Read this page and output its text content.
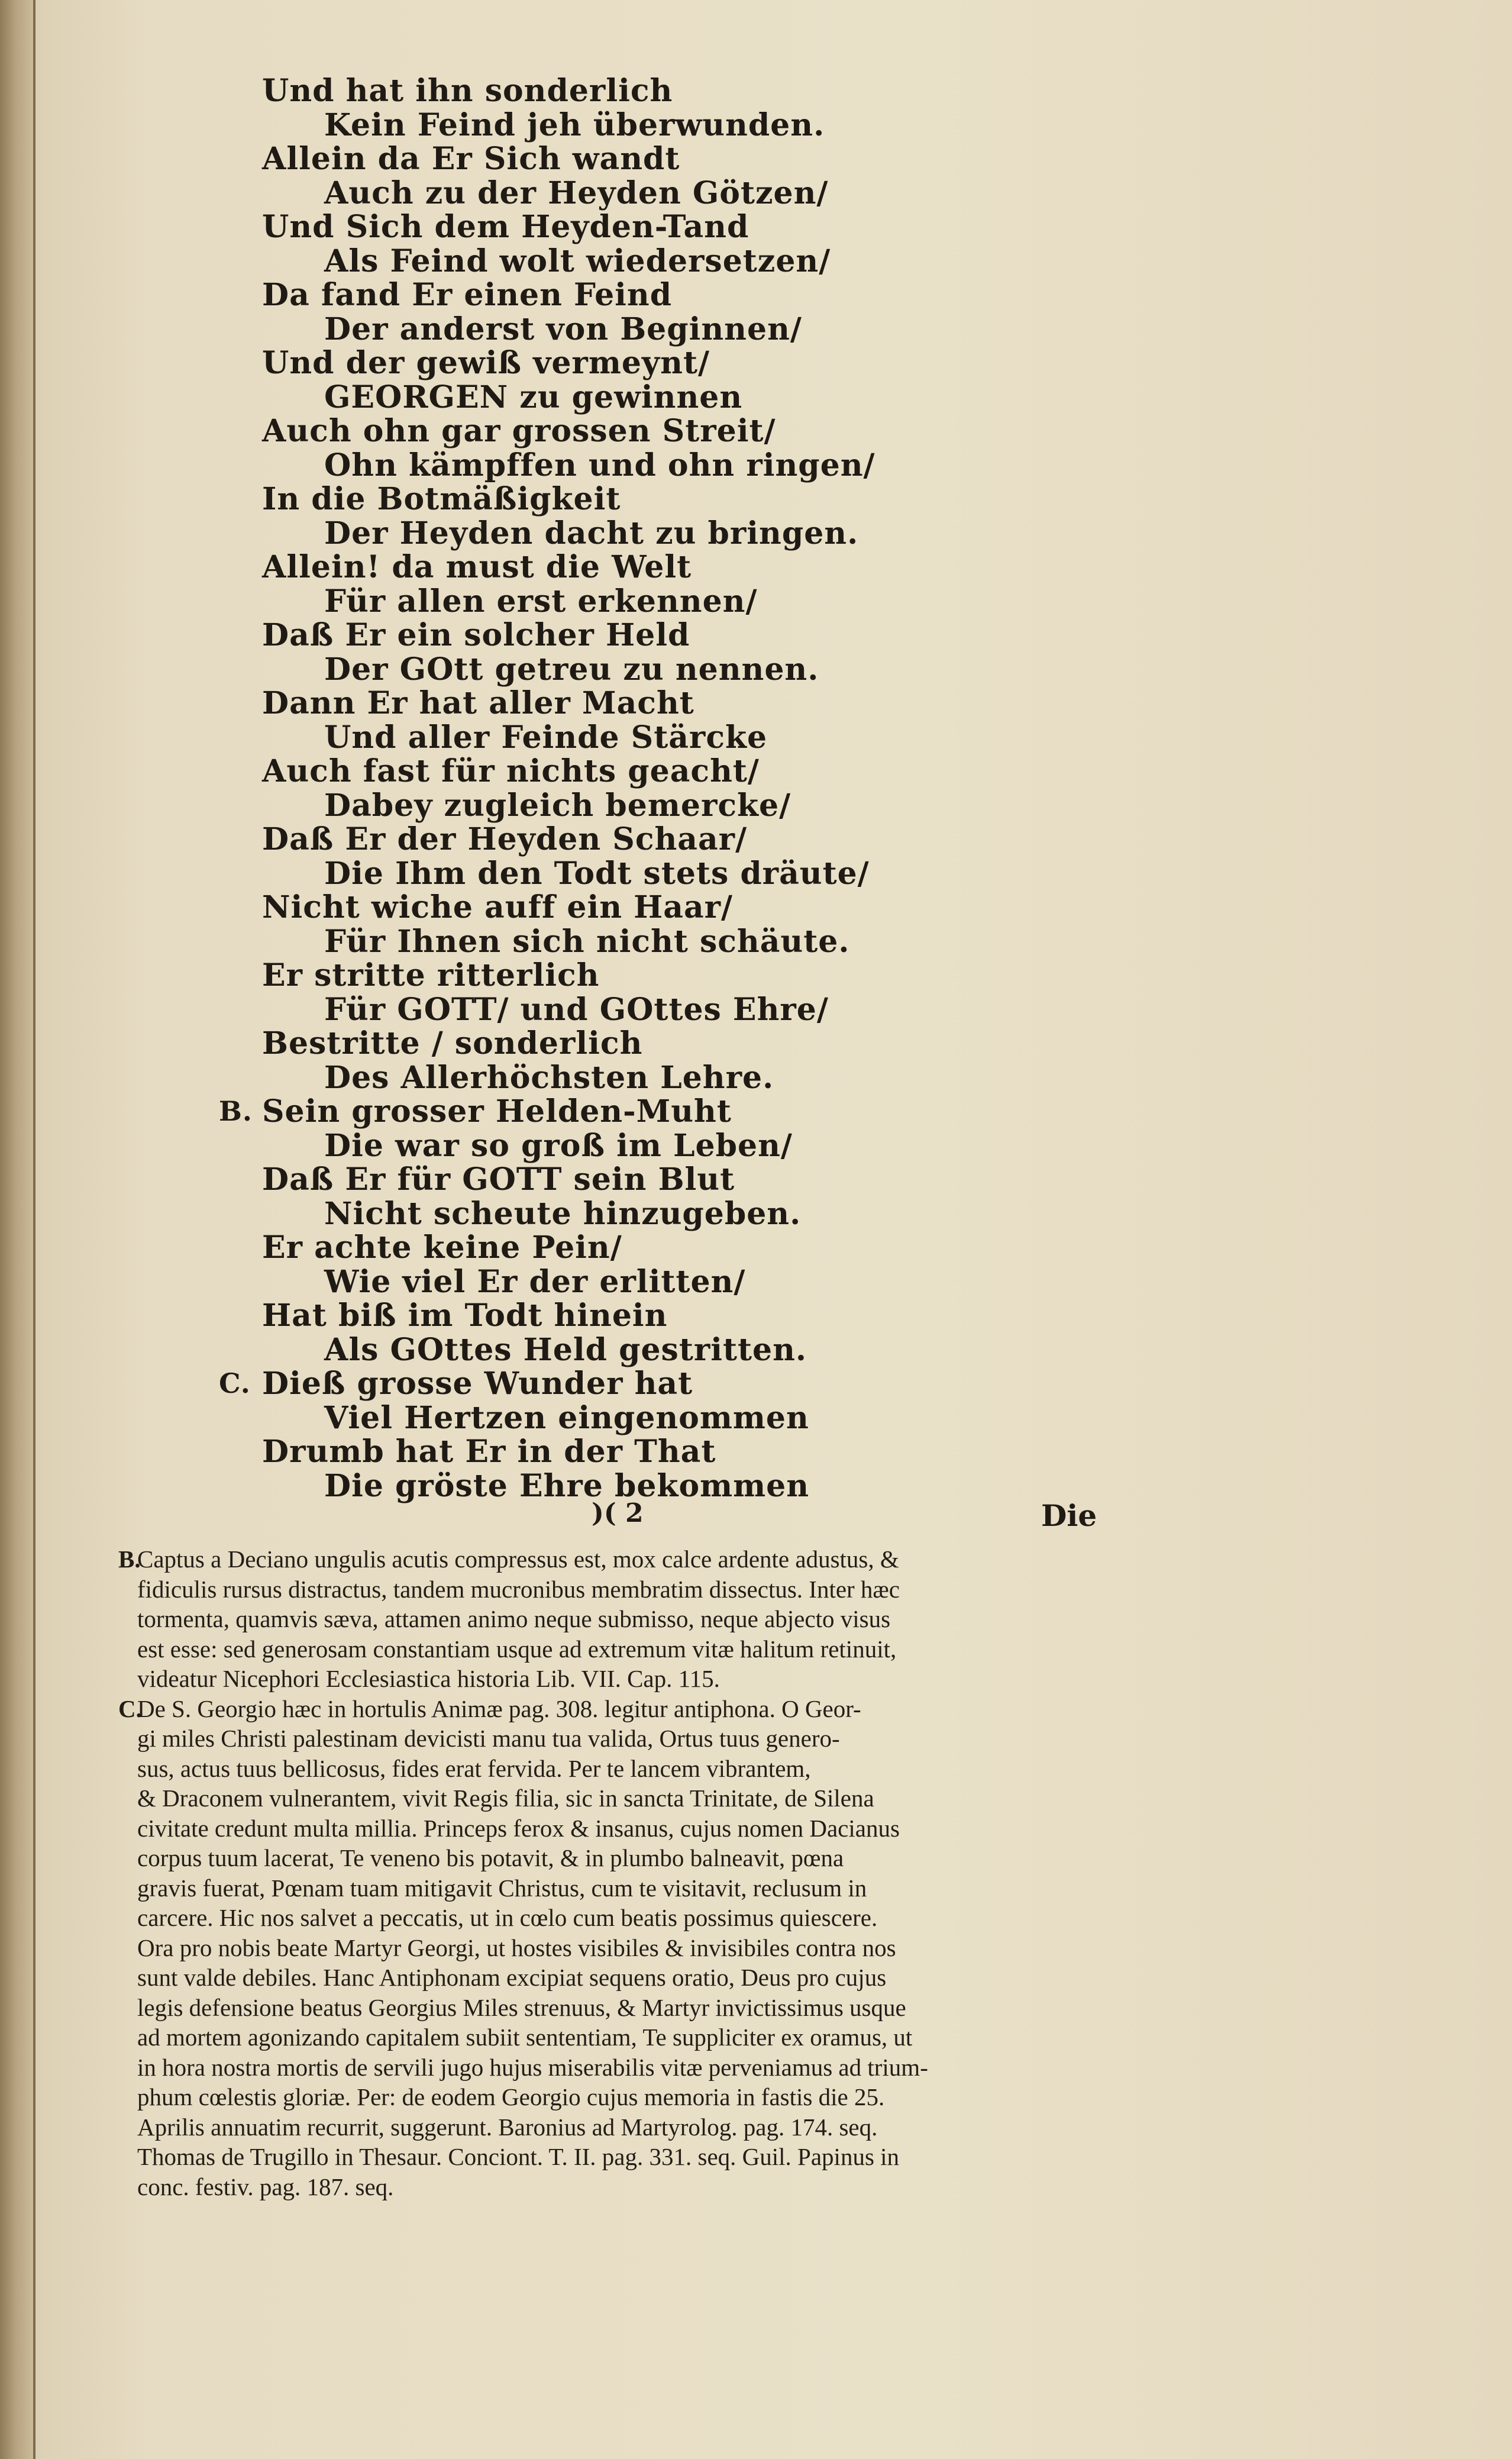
Und hat ihn sonderlich
Kein Feind jeh überwunden.
Allein da Er Sich wandt
Auch zu der Heyden Götzen/
Und Sich dem Heyden-Tand
Als Feind wolt wiedersetzen/
Da fand Er einen Feind
Der anderst von Beginnen/
Und der gewiß vermeynt/
GEORGEN zu gewinnen
Auch ohn gar grossen Streit/
Ohn kämpffen und ohn ringen/
In die Botmäßigkeit
Der Heyden dacht zu bringen.
Allein! da must die Welt
Für allen erst erkennen/
Daß Er ein solcher Held
Der GOtt getreu zu nennen.
Dann Er hat aller Macht
Und aller Feinde Stärcke
Auch fast für nichts geacht/
Dabey zugleich bemercke/
Daß Er der Heyden Schaar/
Die Ihm den Todt stets dräute/
Nicht wiche auff ein Haar/
Für Ihnen sich nicht schäute.
Er stritte ritterlich
Für GOTT/ und GOttes Ehre/
Bestritte / sonderlich
Des Allerhöchsten Lehre.
B. Sein grosser Helden-Muht
Die war so groß im Leben/
Daß Er für GOTT sein Blut
Nicht scheute hinzugeben.
Er achte keine Pein/
Wie viel Er der erlitten/
Hat biß im Todt hinein
Als GOttes Held gestritten.
C. Dieß grosse Wunder hat
Viel Hertzen eingenommen
Drumb hat Er in der That
Die gröste Ehre bekommen
)( 2	Die
B.
Captus a Deciano ungulis acutis compressus est, mox calce ardente adustus, &
fidiculis rursus distractus, tandem mucronibus membratim dissectus. Inter hæc
tormenta, quamvis sæva, attamen animo neque submisso, neque abjecto visus
est esse: sed generosam constantiam usque ad extremum vitæ halitum retinuit,
videatur Nicephori Ecclesiastica historia Lib. VII. Cap. 115.
C.
De S. Georgio hæc in hortulis Animæ pag. 308. legitur antiphona. O Geor-
gi miles Christi palestinam devicisti manu tua valida, Ortus tuus genero-
sus, actus tuus bellicosus, fides erat fervida. Per te lancem vibrantem,
& Draconem vulnerantem, vivit Regis filia, sic in sancta Trinitate, de Silena
civitate credunt multa millia. Princeps ferox & insanus, cujus nomen Dacianus
corpus tuum lacerat, Te veneno bis potavit, & in plumbo balneavit, pœna
gravis fuerat, Pœnam tuam mitigavit Christus, cum te visitavit, reclusum in
carcere. Hic nos salvet a peccatis, ut in cœlo cum beatis possimus quiescere.
Ora pro nobis beate Martyr Georgi, ut hostes visibiles & invisibiles contra nos
sunt valde debiles. Hanc Antiphonam excipiat sequens oratio, Deus pro cujus
legis defensione beatus Georgius Miles strenuus, & Martyr invictissimus usque
ad mortem agonizando capitalem subiit sententiam, Te suppliciter ex oramus, ut
in hora nostra mortis de servili jugo hujus miserabilis vitæ perveniamus ad trium-
phum cœlestis gloriæ. Per: de eodem Georgio cujus memoria in fastis die 25.
Aprilis annuatim recurrit, suggerunt. Baronius ad Martyrolog. pag. 174. seq.
Thomas de Trugillo in Thesaur. Conciont. T. II. pag. 331. seq. Guil. Papinus in
conc. festiv. pag. 187. seq.
